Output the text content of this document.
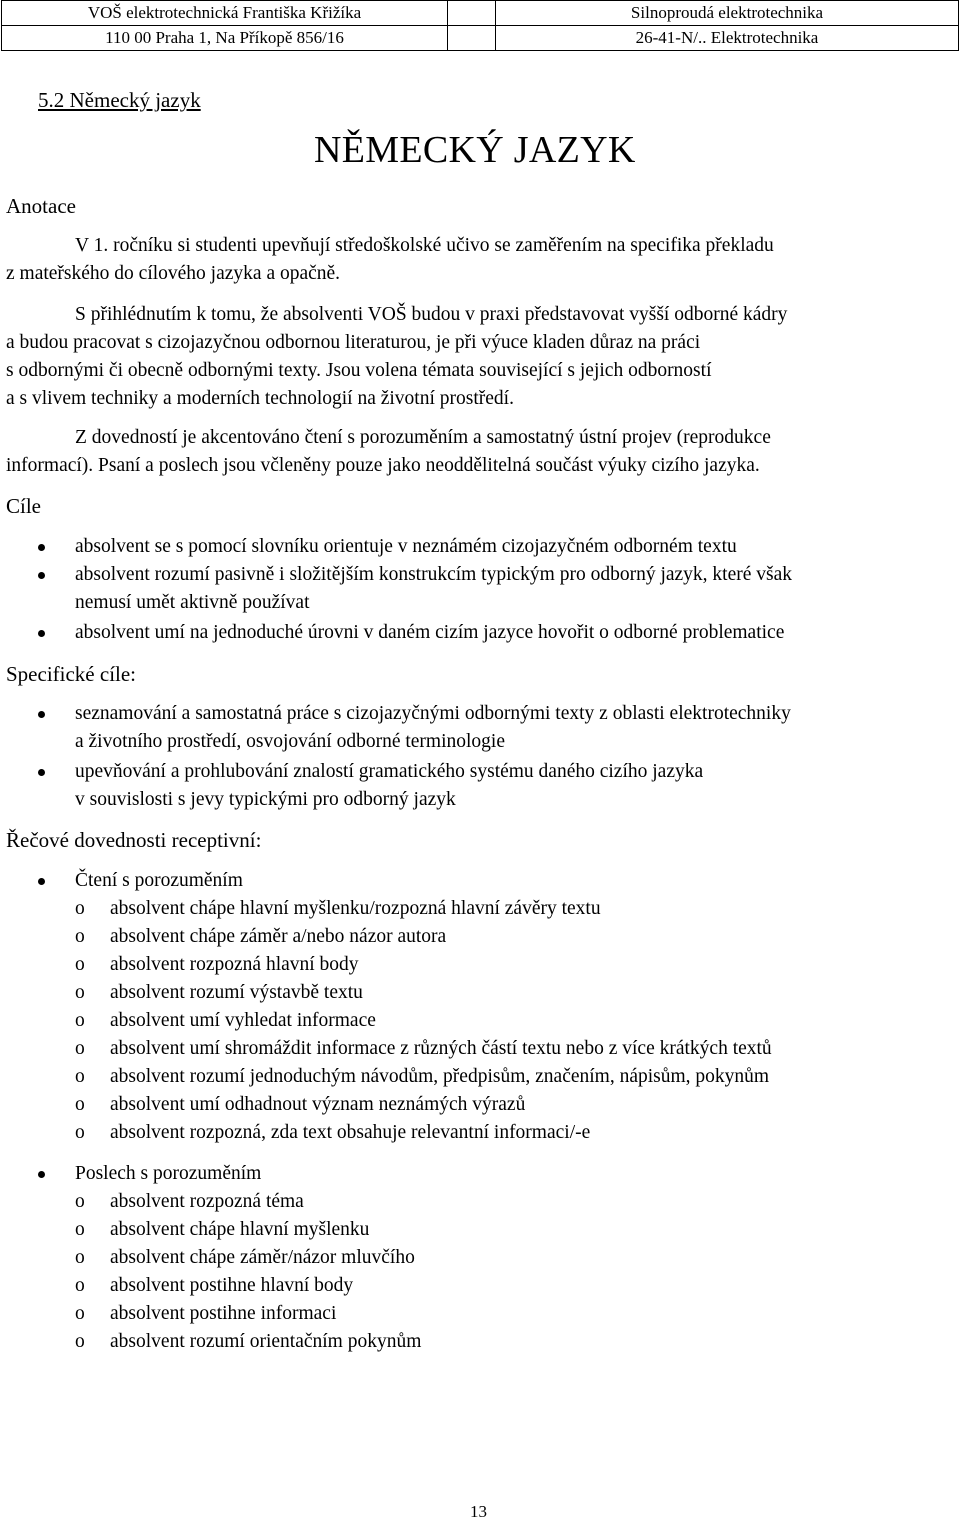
VOŠ elektrotechnická Františka Křižíka		Silnoproudá elektrotechnika
110 00 Praha 1, Na Příkopě 856/16		26-41-N/.. Elektrotechnika
5.2 Německý jazyk
NĚMECKÝ JAZYK
Anotace
V 1. ročníku si studenti upevňují středoškolské učivo se zaměřením na specifika překladu
z mateřského do cílového jazyka a opačně.
S přihlédnutím k tomu, že absolventi VOŠ budou v praxi představovat vyšší odborné kádry
a budou pracovat s cizojazyčnou odbornou literaturou, je při výuce kladen důraz na práci
s odbornými či obecně odbornými texty. Jsou volena témata související s jejich odborností
a s vlivem techniky a moderních technologií na životní prostředí.
Z dovedností je akcentováno čtení s porozuměním a samostatný ústní projev (reprodukce
informací). Psaní a poslech jsou včleněny pouze jako neoddělitelná součást výuky cizího jazyka.
Cíle
absolvent se s pomocí slovníku orientuje v neznámém cizojazyčném odborném textu
absolvent rozumí pasivně i složitějším konstrukcím typickým pro odborný jazyk, které však
nemusí umět aktivně používat
absolvent umí na jednoduché úrovni v daném cizím jazyce hovořit o odborné problematice
Specifické cíle:
seznamování a samostatná práce s cizojazyčnými odbornými texty z oblasti elektrotechniky
a životního prostředí, osvojování odborné terminologie
upevňování a prohlubování znalostí gramatického systému daného cizího jazyka
v souvislosti s jevy typickými pro odborný jazyk
Řečové dovednosti receptivní:
Čtení s porozuměním
o absolvent chápe hlavní myšlenku/rozpozná hlavní závěry textu
o absolvent chápe záměr a/nebo názor autora
o absolvent rozpozná hlavní body
o absolvent rozumí výstavbě textu
o absolvent umí vyhledat informace
o absolvent umí shromáždit informace z různých částí textu nebo z více krátkých textů
o absolvent rozumí jednoduchým návodům, předpisům, značením, nápisům, pokynům
o absolvent umí odhadnout význam neznámých výrazů
o absolvent rozpozná, zda text obsahuje relevantní informaci/-e
Poslech s porozuměním
o absolvent rozpozná téma
o absolvent chápe hlavní myšlenku
o absolvent chápe záměr/názor mluvčího
o absolvent postihne hlavní body
o absolvent postihne informaci
o absolvent rozumí orientačním pokynům
13
